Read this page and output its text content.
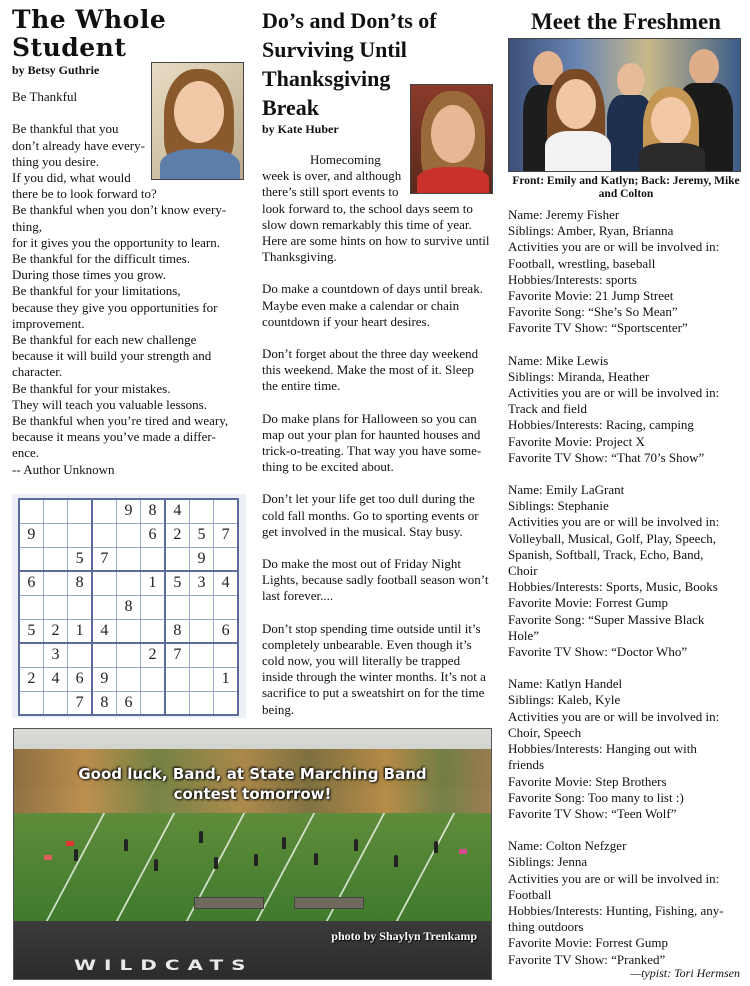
The Whole Student
by Betsy Guthrie
Be Thankful
Be thankful that you
don’t already have every-
thing you desire.
If you did, what would
there be to look forward to?
Be thankful when you don’t know every-
thing,
for it gives you the opportunity to learn.
Be thankful for the difficult times.
During those times you grow.
Be thankful for your limitations,
because they give you opportunities for
improvement.
Be thankful for each new challenge
because it will build your strength and
character.
Be thankful for your mistakes.
They will teach you valuable lessons.
Be thankful when you’re tired and weary,
because it means you’ve made a differ-
ence.
-- Author Unknown
				9	8	4		
9					6	2	5	7
		5	7				9	
6		8			1	5	3	4
				8				
5	2	1	4			8		6
	3				2	7		
2	4	6	9					1
		7	8	6				
Do’s and Don’ts of Surviving Until Thanksgiving Break
by Kate Huber
Homecoming
week is over, and although
there’s still sport events to
look forward to, the school days seem to slow down remarkably this time of year. Here are some hints on how to survive until Thanksgiving.
Do make a countdown of days until break. Maybe even make a calendar or chain countdown if your heart desires.
Don’t forget about the three day weekend this weekend. Make the most of it. Sleep the entire time.
Do make plans for Halloween so you can map out your plan for haunted houses and trick-o-treating. That way you have some- thing to be excited about.
Don’t let your life get too dull during the cold fall months. Go to sporting events or get involved in the musical. Stay busy.
Do make the most out of Friday Night Lights, because sadly football season won’t last forever....
Don’t stop spending time outside until it’s completely unbearable. Even though it’s cold now, you will literally be trapped inside through the winter months. It’s not a sacrifice to put a sweatshirt on for the time being.
Good luck, Band, at State Marching Band
contest tomorrow!
photo by Shaylyn Trenkamp
WILDCATS
Meet the Freshmen
Front: Emily and Katlyn; Back: Jeremy, Mike and Colton
Name: Jeremy Fisher
Siblings: Amber, Ryan, Brianna
Activities you are or will be involved in:
Football, wrestling, baseball
Hobbies/Interests: sports
Favorite Movie: 21 Jump Street
Favorite Song: “She’s So Mean”
Favorite TV Show: “Sportscenter”
Name: Mike Lewis
Siblings: Miranda, Heather
Activities you are or will be involved in:
Track and field
Hobbies/Interests: Racing, camping
Favorite Movie: Project X
Favorite TV Show: “That 70’s Show”
Name: Emily LaGrant
Siblings: Stephanie
Activities you are or will be involved in:
Volleyball, Musical, Golf, Play, Speech,
Spanish, Softball, Track, Echo, Band,
Choir
Hobbies/Interests: Sports, Music, Books
Favorite Movie: Forrest Gump
Favorite Song: “Super Massive Black
Hole”
Favorite TV Show: “Doctor Who”
Name: Katlyn Handel
Siblings: Kaleb, Kyle
Activities you are or will be involved in:
Choir, Speech
Hobbies/Interests: Hanging out with
friends
Favorite Movie: Step Brothers
Favorite Song: Too many to list :)
Favorite TV Show: “Teen Wolf”
Name: Colton Nefzger
Siblings: Jenna
Activities you are or will be involved in:
Football
Hobbies/Interests: Hunting, Fishing, any-
thing outdoors
Favorite Movie: Forrest Gump
Favorite TV Show: “Pranked”
—typist: Tori Hermsen
